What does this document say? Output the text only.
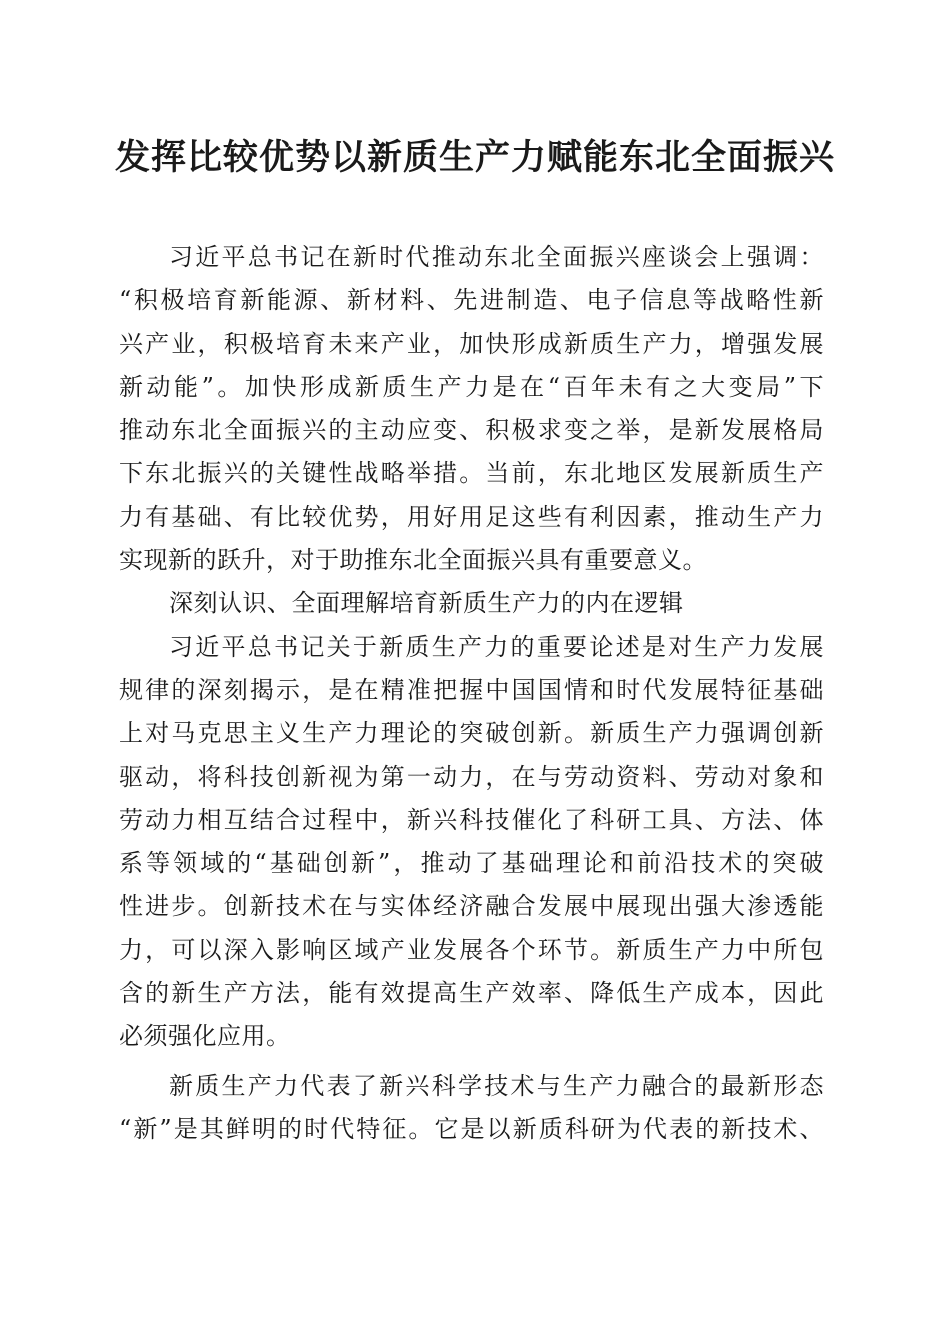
发挥比较优势以新质生产力赋能东北全面振兴
习近平总书记在新时代推动东北全面振兴座谈会上强调：
“积极培育新能源、新材料、先进制造、电子信息等战略性新
兴产业，积极培育未来产业，加快形成新质生产力，增强发展
新动能”。加快形成新质生产力是在“百年未有之大变局”下
推动东北全面振兴的主动应变、积极求变之举，是新发展格局
下东北振兴的关键性战略举措。当前，东北地区发展新质生产
力有基础、有比较优势，用好用足这些有利因素，推动生产力
实现新的跃升，对于助推东北全面振兴具有重要意义。
深刻认识、全面理解培育新质生产力的内在逻辑
习近平总书记关于新质生产力的重要论述是对生产力发展
规律的深刻揭示，是在精准把握中国国情和时代发展特征基础
上对马克思主义生产力理论的突破创新。新质生产力强调创新
驱动，将科技创新视为第一动力，在与劳动资料、劳动对象和
劳动力相互结合过程中，新兴科技催化了科研工具、方法、体
系等领域的“基础创新”，推动了基础理论和前沿技术的突破
性进步。创新技术在与实体经济融合发展中展现出强大渗透能
力，可以深入影响区域产业发展各个环节。新质生产力中所包
含的新生产方法，能有效提高生产效率、降低生产成本，因此
必须强化应用。
新质生产力代表了新兴科学技术与生产力融合的最新形态
“新”是其鲜明的时代特征。它是以新质科研为代表的新技术、
